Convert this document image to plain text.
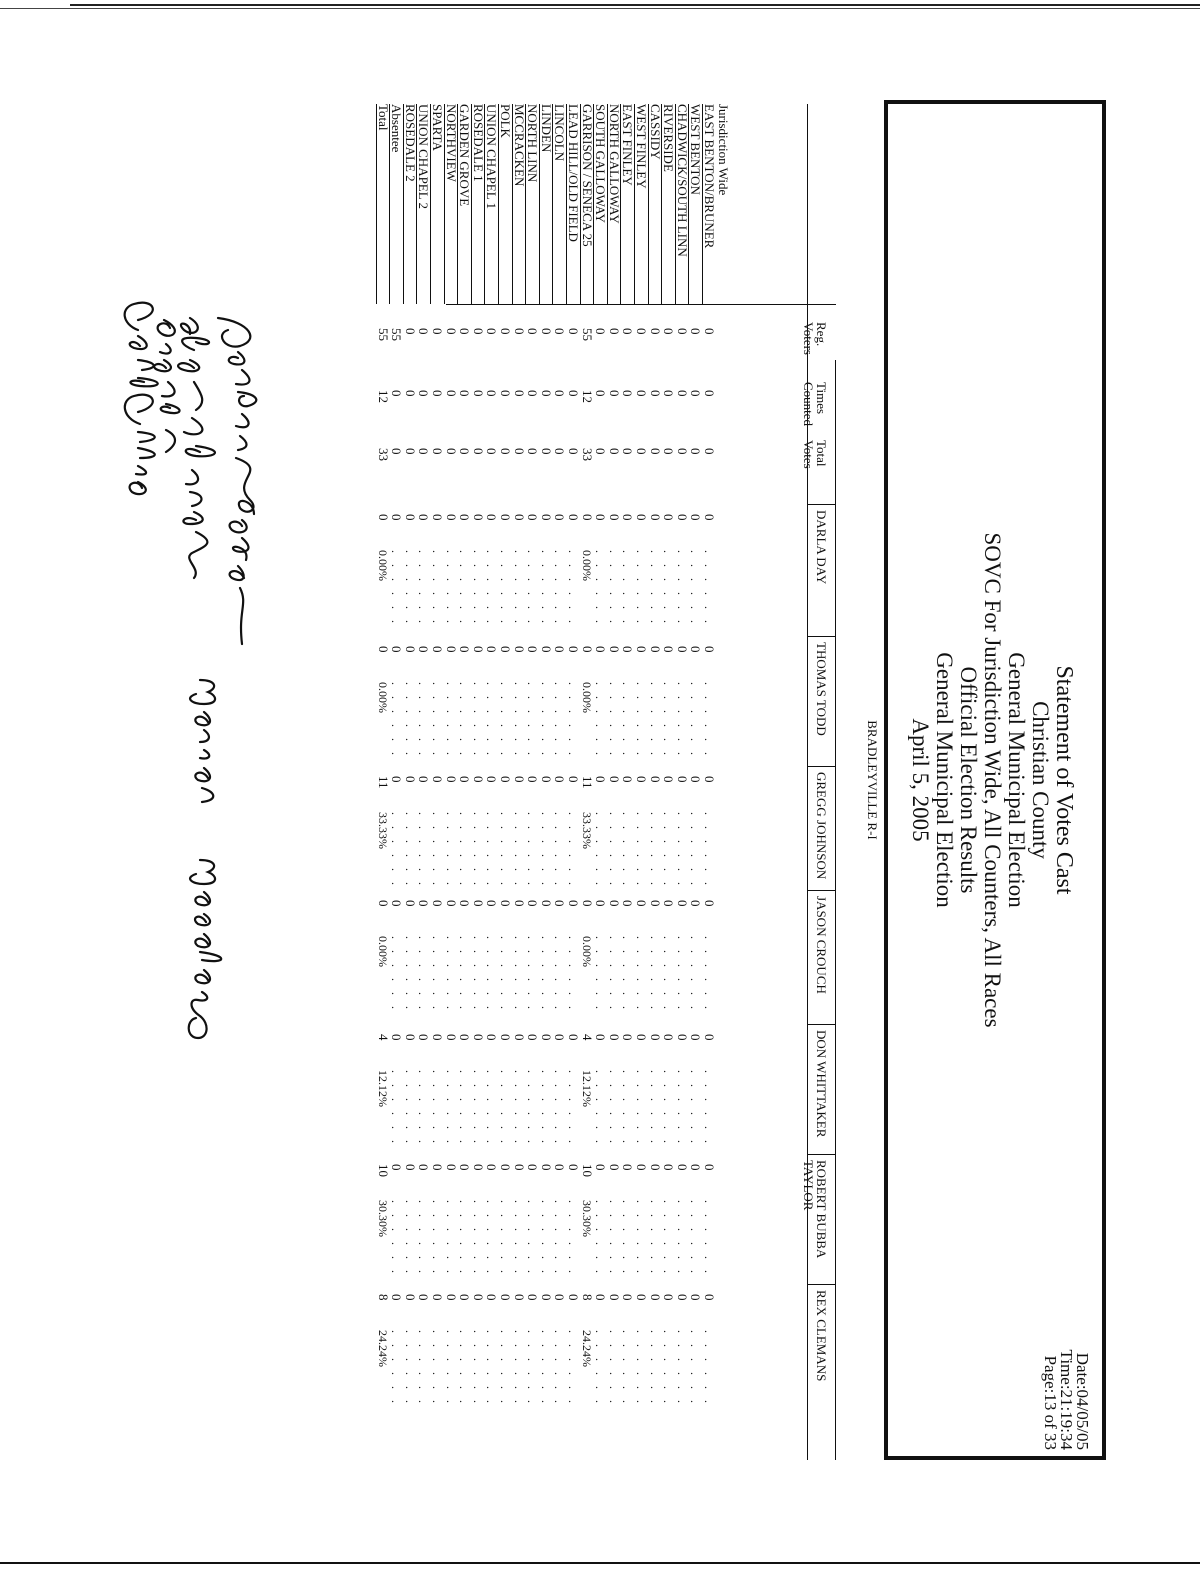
Statement of Votes Cast
Christian County
General Municipal Election
SOVC For Jurisdiction Wide, All Counters, All Races
Official Election Results
General Municipal Election
April 5, 2005
Date:04/05/05
Time:21:19:34
Page:13 of 33
BRADLEYVILLE R-I
Jurisdiction Wide
Reg. Voters
Times Counted
Total Votes
DARLA DAY
THOMAS TODD
GREGG JOHNSON
JASON CROUCH
DON WHITTAKER
ROBERT BUBBA TAYLOR
REX CLEMANS
EAST BENTON/BRUNER
0
0
0
0
. . . . . .
0
. . . . . .
0
. . . . . .
0
. . . . . .
0
. . . . . .
0
. . . . . .
0
. . . . . .
WEST BENTON
0
0
0
0
. . . . . .
0
. . . . . .
0
. . . . . .
0
. . . . . .
0
. . . . . .
0
. . . . . .
0
. . . . . .
CHADWICK/SOUTH LINN
0
0
0
0
. . . . . .
0
. . . . . .
0
. . . . . .
0
. . . . . .
0
. . . . . .
0
. . . . . .
0
. . . . . .
RIVERSIDE
0
0
0
0
. . . . . .
0
. . . . . .
0
. . . . . .
0
. . . . . .
0
. . . . . .
0
. . . . . .
0
. . . . . .
CASSIDY
0
0
0
0
. . . . . .
0
. . . . . .
0
. . . . . .
0
. . . . . .
0
. . . . . .
0
. . . . . .
0
. . . . . .
WEST FINLEY
0
0
0
0
. . . . . .
0
. . . . . .
0
. . . . . .
0
. . . . . .
0
. . . . . .
0
. . . . . .
0
. . . . . .
EAST FINLEY
0
0
0
0
. . . . . .
0
. . . . . .
0
. . . . . .
0
. . . . . .
0
. . . . . .
0
. . . . . .
0
. . . . . .
NORTH GALLOWAY
0
0
0
0
. . . . . .
0
. . . . . .
0
. . . . . .
0
. . . . . .
0
. . . . . .
0
. . . . . .
0
. . . . . .
SOUTH GALLOWAY
0
0
0
0
. . . . . .
0
. . . . . .
0
. . . . . .
0
. . . . . .
0
. . . . . .
0
. . . . . .
0
. . . . . .
GARRISON / SENECA 25
55
12
33
0
0.00%
0
0.00%
11
33.33%
0
0.00%
4
12.12%
10
30.30%
8
24.24%
LEAD HILL/OLD FIELD
0
0
0
0
. . . . . .
0
. . . . . .
0
. . . . . .
0
. . . . . .
0
. . . . . .
0
. . . . . .
0
. . . . . .
LINCOLN
0
0
0
0
. . . . . .
0
. . . . . .
0
. . . . . .
0
. . . . . .
0
. . . . . .
0
. . . . . .
0
. . . . . .
LINDEN
0
0
0
0
. . . . . .
0
. . . . . .
0
. . . . . .
0
. . . . . .
0
. . . . . .
0
. . . . . .
0
. . . . . .
NORTH LINN
0
0
0
0
. . . . . .
0
. . . . . .
0
. . . . . .
0
. . . . . .
0
. . . . . .
0
. . . . . .
0
. . . . . .
MCCRACKEN
0
0
0
0
. . . . . .
0
. . . . . .
0
. . . . . .
0
. . . . . .
0
. . . . . .
0
. . . . . .
0
. . . . . .
POLK
0
0
0
0
. . . . . .
0
. . . . . .
0
. . . . . .
0
. . . . . .
0
. . . . . .
0
. . . . . .
0
. . . . . .
UNION CHAPEL 1
0
0
0
0
. . . . . .
0
. . . . . .
0
. . . . . .
0
. . . . . .
0
. . . . . .
0
. . . . . .
0
. . . . . .
ROSEDALE 1
0
0
0
0
. . . . . .
0
. . . . . .
0
. . . . . .
0
. . . . . .
0
. . . . . .
0
. . . . . .
0
. . . . . .
GARDEN GROVE
0
0
0
0
. . . . . .
0
. . . . . .
0
. . . . . .
0
. . . . . .
0
. . . . . .
0
. . . . . .
0
. . . . . .
NORTHVIEW
0
0
0
0
. . . . . .
0
. . . . . .
0
. . . . . .
0
. . . . . .
0
. . . . . .
0
. . . . . .
0
. . . . . .
SPARTA
0
0
0
0
. . . . . .
0
. . . . . .
0
. . . . . .
0
. . . . . .
0
. . . . . .
0
. . . . . .
0
. . . . . .
UNION CHAPEL 2
0
0
0
0
. . . . . .
0
. . . . . .
0
. . . . . .
0
. . . . . .
0
. . . . . .
0
. . . . . .
0
. . . . . .
ROSEDALE 2
0
0
0
0
. . . . . .
0
. . . . . .
0
. . . . . .
0
. . . . . .
0
. . . . . .
0
. . . . . .
0
. . . . . .
Absentee
55
0
0
0
. . . . . .
0
. . . . . .
0
. . . . . .
0
. . . . . .
0
. . . . . .
0
. . . . . .
0
. . . . . .
Total
55
12
33
0
0.00%
0
0.00%
11
33.33%
0
0.00%
4
12.12%
10
30.30%
8
24.24%
